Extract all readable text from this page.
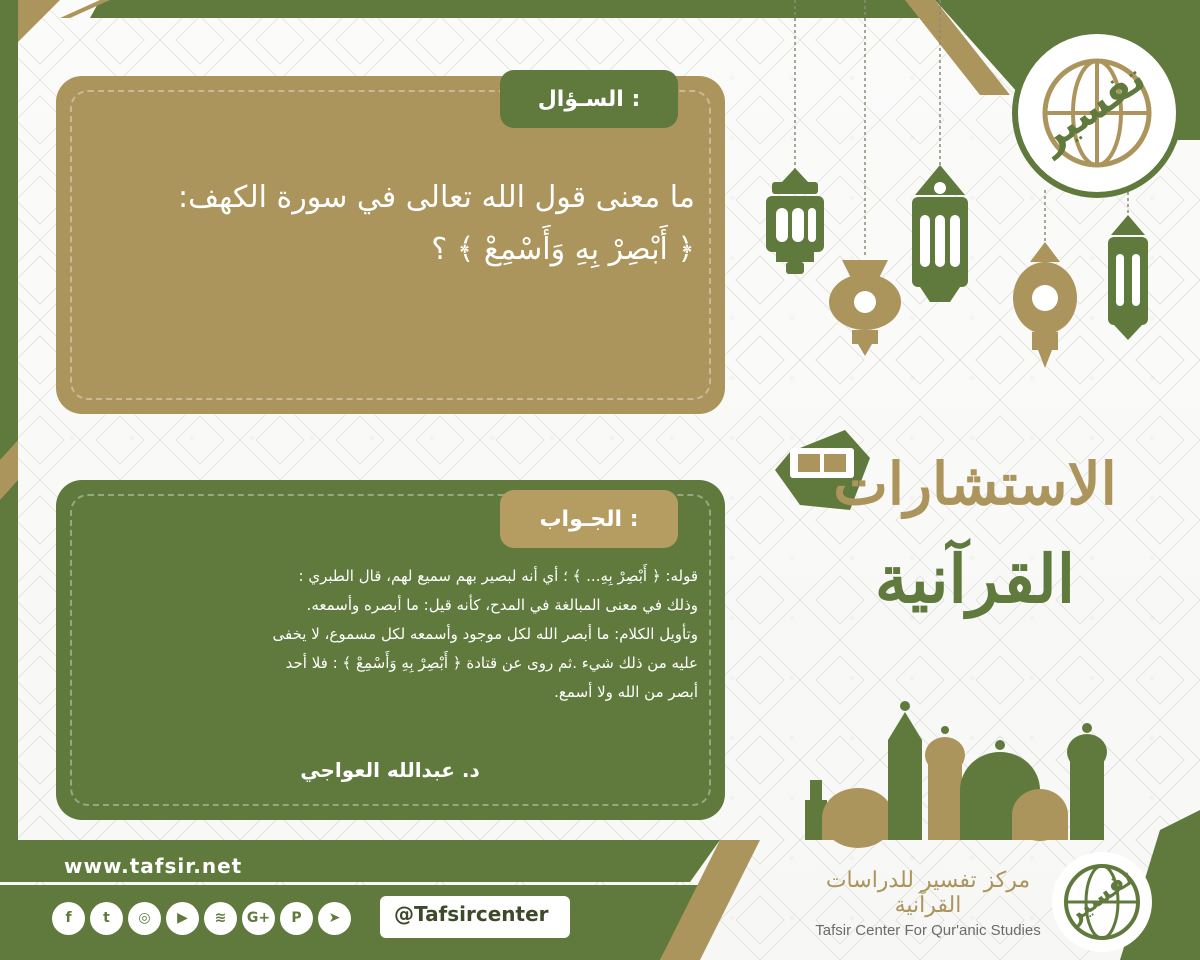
السـؤال :
ما معنى قول الله تعالى في سورة الكهف:
﴿ أَبْصِرْ بِهِ وَأَسْمِعْ ﴾ ؟
الجـواب :
قوله: ﴿ أَبْصِرْ بِهِ... ﴾ ؛ أي أنه لبصير بهم سميع لهم، قال الطبري :
وذلك في معنى المبالغة في المدح، كأنه قيل: ما أبصره وأسمعه.
وتأويل الكلام: ما أبصر الله لكل موجود وأسمعه لكل مسموع، لا يخفى
عليه من ذلك شيء .ثم روى عن قتادة ﴿ أَبْصِرْ بِهِ وَأَسْمِعْ ﴾ : فلا أحد
أبصر من الله ولا أسمع.
د. عبدالله العواجي
تفسير
الاستشارات
القرآنية
www.tafsir.net
f	t	◎	▶	≋	G+	P	➤	@Tafsircenter
مركز تفسير للدراسات القرآنية
Tafsir Center For Qur'anic Studies
تفسير
